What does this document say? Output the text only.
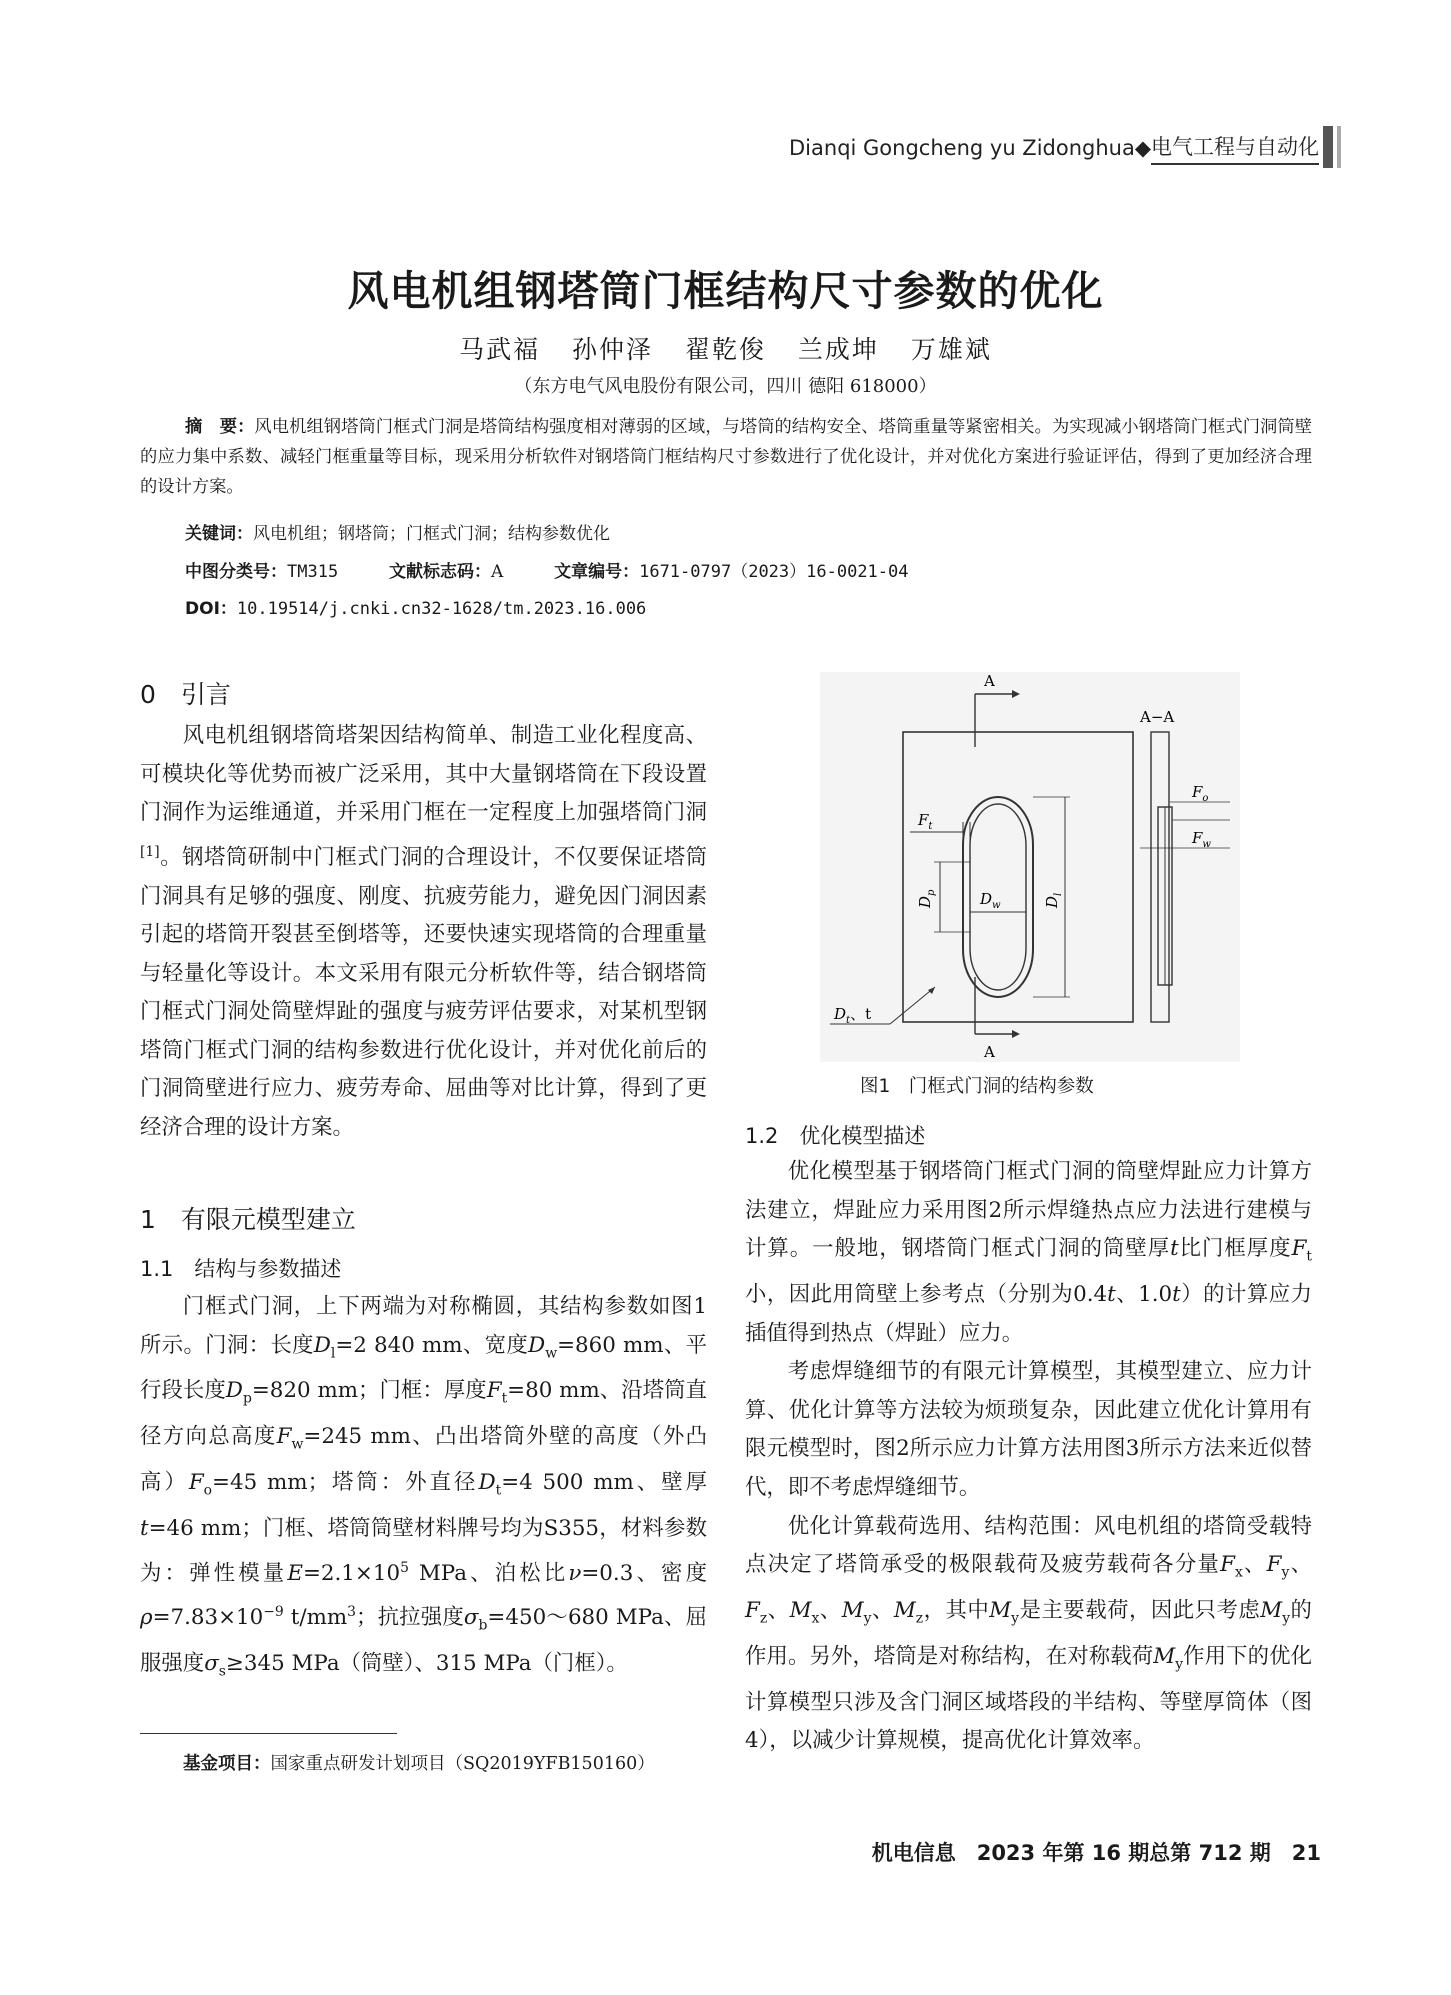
Dianqi Gongcheng yu Zidonghua ◆ 电气工程与自动化
风电机组钢塔筒门框结构尺寸参数的优化
马武福 孙仲泽 翟乾俊 兰成坤 万雄斌
（东方电气风电股份有限公司，四川 德阳 618000）
摘　要：风电机组钢塔筒门框式门洞是塔筒结构强度相对薄弱的区域，与塔筒的结构安全、塔筒重量等紧密相关。为实现减小钢塔筒门框式门洞筒壁的应力集中系数、减轻门框重量等目标，现采用分析软件对钢塔筒门框结构尺寸参数进行了优化设计，并对优化方案进行验证评估，得到了更加经济合理的设计方案。
关键词：风电机组；钢塔筒；门框式门洞；结构参数优化
中图分类号：TM315	文献标志码：A	文章编号：1671-0797（2023）16-0021-04
DOI：10.19514/j.cnki.cn32-1628/tm.2023.16.006
0　引言

风电机组钢塔筒塔架因结构简单、制造工业化程度高、可模块化等优势而被广泛采用，其中大量钢塔筒在下段设置门洞作为运维通道，并采用门框在一定程度上加强塔筒门洞[1]。钢塔筒研制中门框式门洞的合理设计，不仅要保证塔筒门洞具有足够的强度、刚度、抗疲劳能力，避免因门洞因素引起的塔筒开裂甚至倒塔等，还要快速实现塔筒的合理重量与轻量化等设计。本文采用有限元分析软件等，结合钢塔筒门框式门洞处筒壁焊趾的强度与疲劳评估要求，对某机型钢塔筒门框式门洞的结构参数进行优化设计，并对优化前后的门洞筒壁进行应力、疲劳寿命、屈曲等对比计算，得到了更经济合理的设计方案。

1　有限元模型建立
1.1　结构与参数描述

门框式门洞，上下两端为对称椭圆，其结构参数如图1所示。门洞：长度$D_l=2$ 840 mm、宽度$D_w=860$ mm、平行段长度$D_p=820$ mm；门框：厚度$F_t=80$ mm、沿塔筒直径方向总高度$F_w=245$ mm、凸出塔筒外壁的高度（外凸高）$F_o=45$ mm；塔筒：外直径$D_t=4$ 500 mm、壁厚t=46 mm；门框、塔筒筒壁材料牌号均为S355，材料参数为：弹性模量$E=2.1\times 10^5$ MPa、泊松比ν=0.3、密度$\rho=7.83\times 10^{-9}$ $t/mm^3$；抗拉强度$\sigma_b=450\sim 680$ MPa、屈服强度$\sigma_s\ge 345$ MPa（筒壁）、315 MPa（门框）。

基金项目：国家重点研发计划项目（SQ2019YFB150160）
A
A
$F_t$
$D_p$	$D_w$	$D_l$
$D_t$、t
A−A
$F_o$
$F_w$
图1　门框式门洞的结构参数
1.2　优化模型描述

优化模型基于钢塔筒门框式门洞的筒壁焊趾应力计算方法建立，焊趾应力采用图2所示焊缝热点应力法进行建模与计算。一般地，钢塔筒门框式门洞的筒壁厚t比门框厚度$F_t$小，因此用筒壁上参考点（分别为0.4t、1.0t）的计算应力插值得到热点（焊趾）应力。

考虑焊缝细节的有限元计算模型，其模型建立、应力计算、优化计算等方法较为烦琐复杂，因此建立优化计算用有限元模型时，图2所示应力计算方法用图3所示方法来近似替代，即不考虑焊缝细节。

优化计算载荷选用、结构范围：风电机组的塔筒受载特点决定了塔筒承受的极限载荷及疲劳载荷各分量$F_x$、$F_y$、$F_z$、$M_x$、$M_y$、$M_z$，其中$M_y$是主要载荷，因此只考虑$M_y$的作用。另外，塔筒是对称结构，在对称载荷$M_y$作用下的优化计算模型只涉及含门洞区域塔段的半结构、等壁厚筒体（图4），以减少计算规模，提高优化计算效率。

机电信息　2023 年第 16 期总第 712 期　21
